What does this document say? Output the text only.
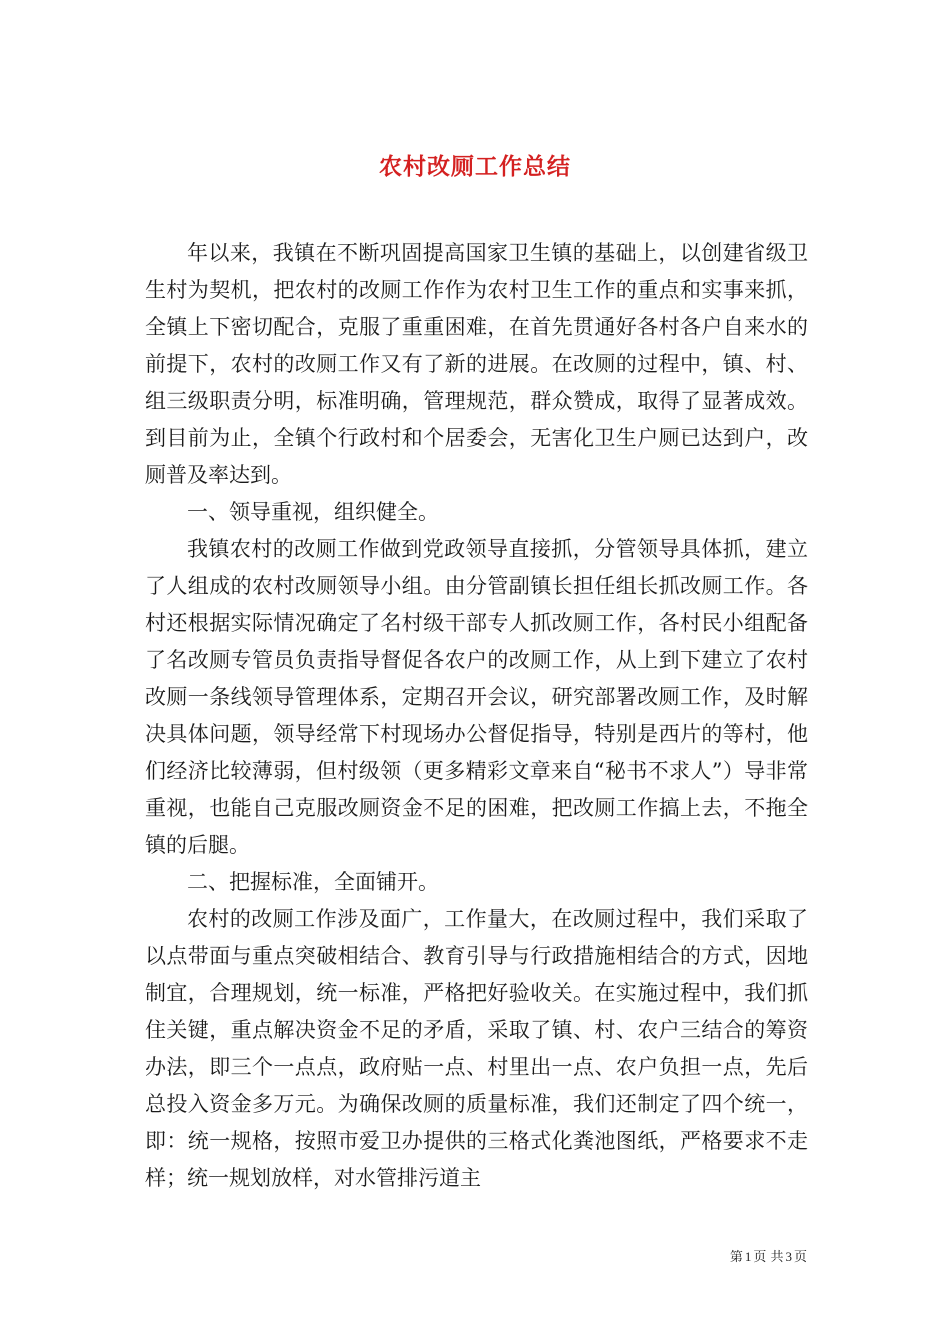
农村改厕工作总结

年以来，我镇在不断巩固提高国家卫生镇的基础上，以创建省级卫生村为契机，把农村的改厕工作作为农村卫生工作的重点和实事来抓，全镇上下密切配合，克服了重重困难，在首先贯通好各村各户自来水的前提下，农村的改厕工作又有了新的进展。在改厕的过程中，镇、村、组三级职责分明，标准明确，管理规范，群众赞成，取得了显著成效。到目前为止，全镇个行政村和个居委会，无害化卫生户厕已达到户，改厕普及率达到。

一、领导重视，组织健全。

我镇农村的改厕工作做到党政领导直接抓，分管领导具体抓，建立了人组成的农村改厕领导小组。由分管副镇长担任组长抓改厕工作。各村还根据实际情况确定了名村级干部专人抓改厕工作，各村民小组配备了名改厕专管员负责指导督促各农户的改厕工作，从上到下建立了农村改厕一条线领导管理体系，定期召开会议，研究部署改厕工作，及时解决具体问题，领导经常下村现场办公督促指导，特别是西片的等村，他们经济比较薄弱，但村级领（更多精彩文章来自“秘书不求人”）导非常重视，也能自己克服改厕资金不足的困难，把改厕工作搞上去，不拖全镇的后腿。

二、把握标准，全面铺开。

农村的改厕工作涉及面广，工作量大，在改厕过程中，我们采取了以点带面与重点突破相结合、教育引导与行政措施相结合的方式，因地制宜，合理规划，统一标准，严格把好验收关。在实施过程中，我们抓住关键，重点解决资金不足的矛盾，采取了镇、村、农户三结合的筹资办法，即三个一点点，政府贴一点、村里出一点、农户负担一点，先后总投入资金多万元。为确保改厕的质量标准，我们还制定了四个统一，即：统一规格，按照市爱卫办提供的三格式化粪池图纸，严格要求不走样；统一规划放样，对水管排污道主

第 1 页 共 3 页
